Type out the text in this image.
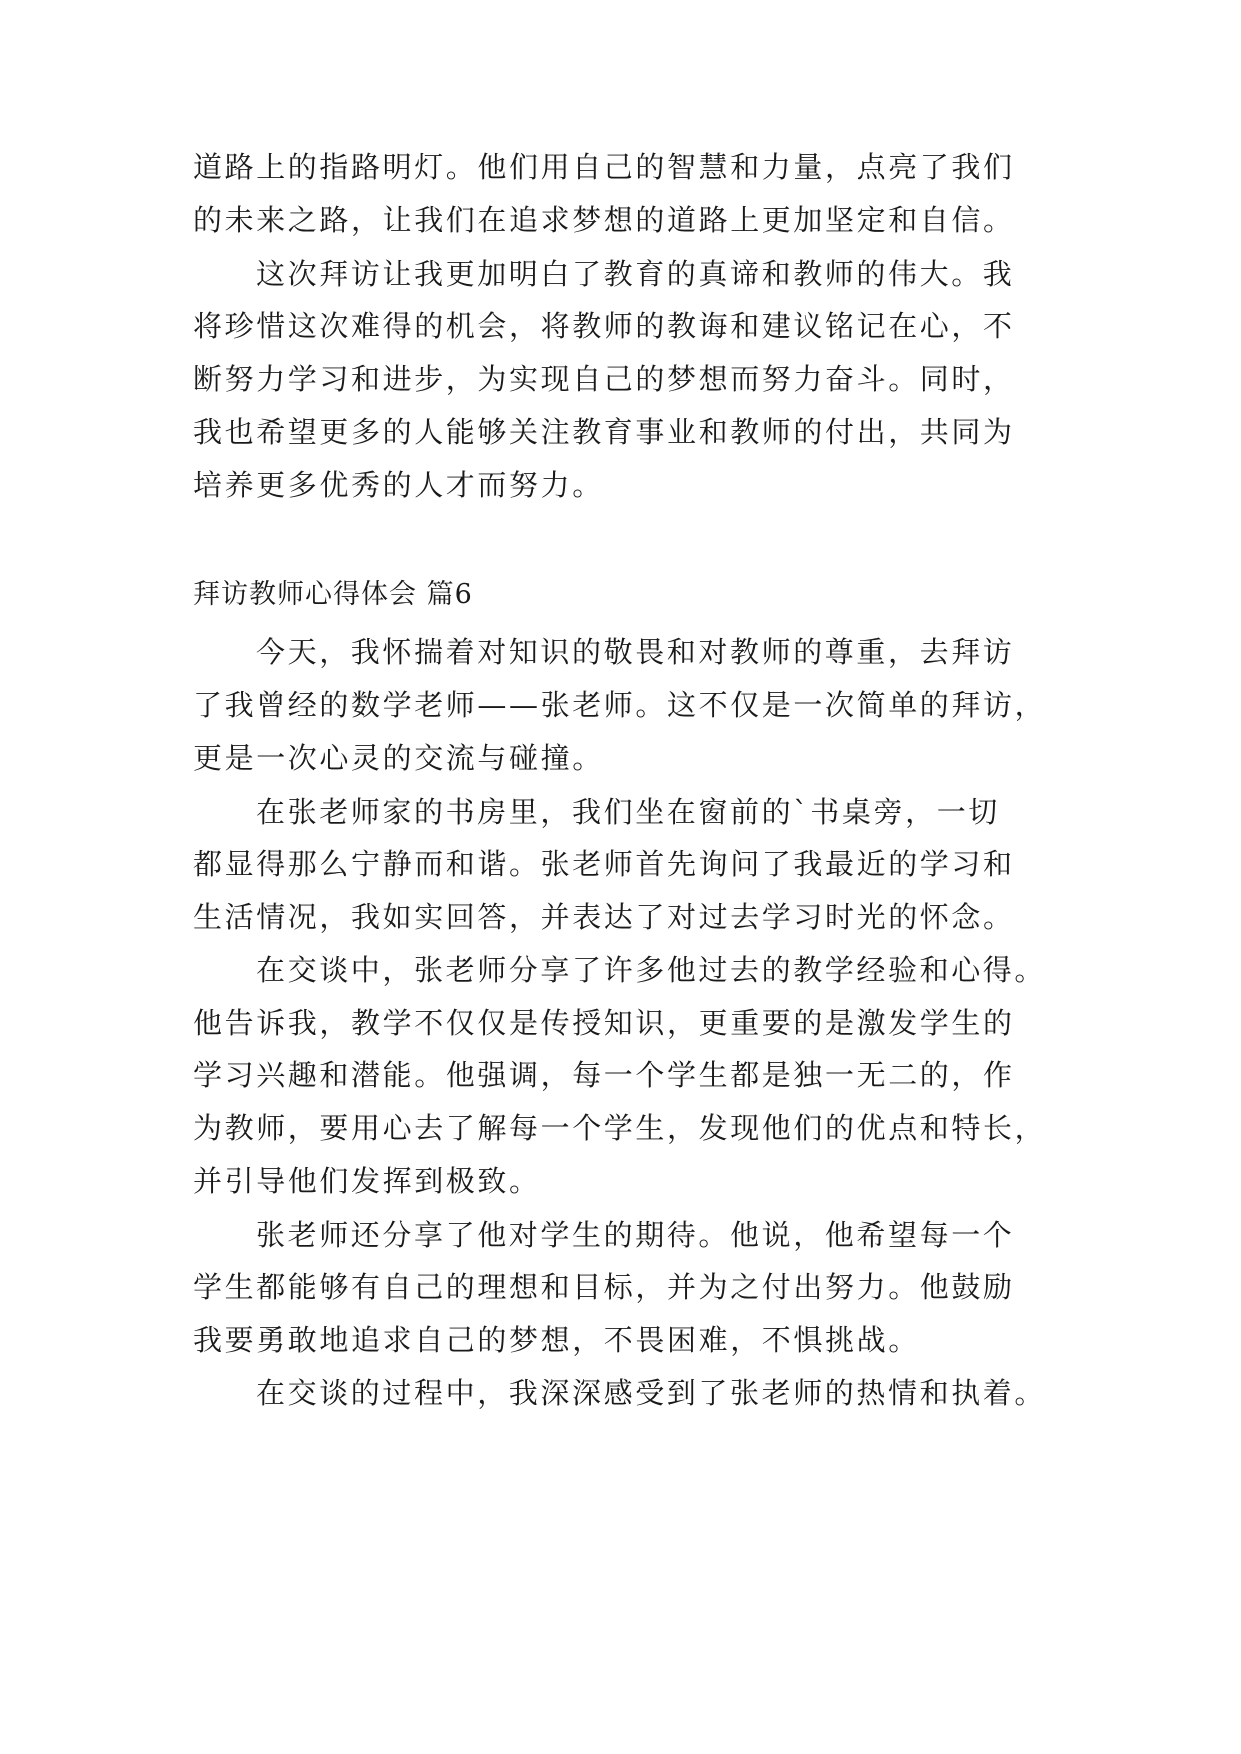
道路上的指路明灯。他们用自己的智慧和力量，点亮了我们
的未来之路，让我们在追求梦想的道路上更加坚定和自信。
这次拜访让我更加明白了教育的真谛和教师的伟大。我
将珍惜这次难得的机会，将教师的教诲和建议铭记在心，不
断努力学习和进步，为实现自己的梦想而努力奋斗。同时，
我也希望更多的人能够关注教育事业和教师的付出，共同为
培养更多优秀的人才而努力。
拜访教师心得体会 篇6
今天，我怀揣着对知识的敬畏和对教师的尊重，去拜访
了我曾经的数学老师——张老师。这不仅是一次简单的拜访，
更是一次心灵的交流与碰撞。
在张老师家的书房里，我们坐在窗前的`书桌旁，一切
都显得那么宁静而和谐。张老师首先询问了我最近的学习和
生活情况，我如实回答，并表达了对过去学习时光的怀念。
在交谈中，张老师分享了许多他过去的教学经验和心得。
他告诉我，教学不仅仅是传授知识，更重要的是激发学生的
学习兴趣和潜能。他强调，每一个学生都是独一无二的，作
为教师，要用心去了解每一个学生，发现他们的优点和特长，
并引导他们发挥到极致。
张老师还分享了他对学生的期待。他说，他希望每一个
学生都能够有自己的理想和目标，并为之付出努力。他鼓励
我要勇敢地追求自己的梦想，不畏困难，不惧挑战。
在交谈的过程中，我深深感受到了张老师的热情和执着。
